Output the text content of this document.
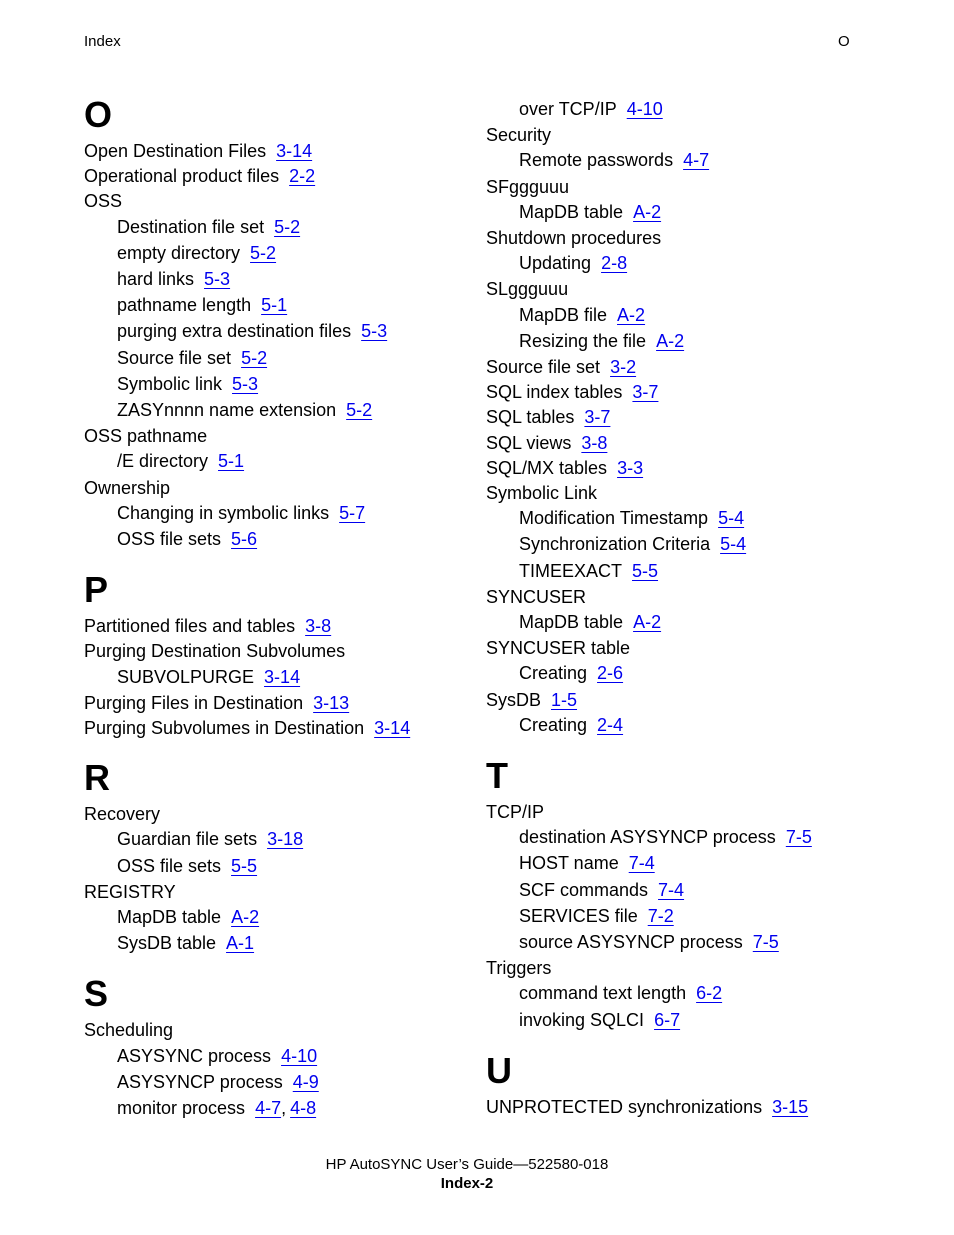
Index	O
O
Open Destination Files 3-14
Operational product files 2-2
OSS
Destination file set 5-2
empty directory 5-2
hard links 5-3
pathname length 5-1
purging extra destination files 5-3
Source file set 5-2
Symbolic link 5-3
ZASYnnnn name extension 5-2
OSS pathname
/E directory 5-1
Ownership
Changing in symbolic links 5-7
OSS file sets 5-6
P
Partitioned files and tables 3-8
Purging Destination Subvolumes
SUBVOLPURGE 3-14
Purging Files in Destination 3-13
Purging Subvolumes in Destination 3-14
R
Recovery
Guardian file sets 3-18
OSS file sets 5-5
REGISTRY
MapDB table A-2
SysDB table A-1
S
Scheduling
ASYSYNC process 4-10
ASYSYNCP process 4-9
monitor process 4-7, 4-8
over TCP/IP 4-10
Security
Remote passwords 4-7
SFggguuu
MapDB table A-2
Shutdown procedures
Updating 2-8
SLggguuu
MapDB file A-2
Resizing the file A-2
Source file set 3-2
SQL index tables 3-7
SQL tables 3-7
SQL views 3-8
SQL/MX tables 3-3
Symbolic Link
Modification Timestamp 5-4
Synchronization Criteria 5-4
TIMEEXACT 5-5
SYNCUSER
MapDB table A-2
SYNCUSER table
Creating 2-6
SysDB 1-5
Creating 2-4
T
TCP/IP
destination ASYSYNCP process 7-5
HOST name 7-4
SCF commands 7-4
SERVICES file 7-2
source ASYSYNCP process 7-5
Triggers
command text length 6-2
invoking SQLCI 6-7
U
UNPROTECTED synchronizations 3-15
HP AutoSYNC User’s Guide—522580-018
Index-2
